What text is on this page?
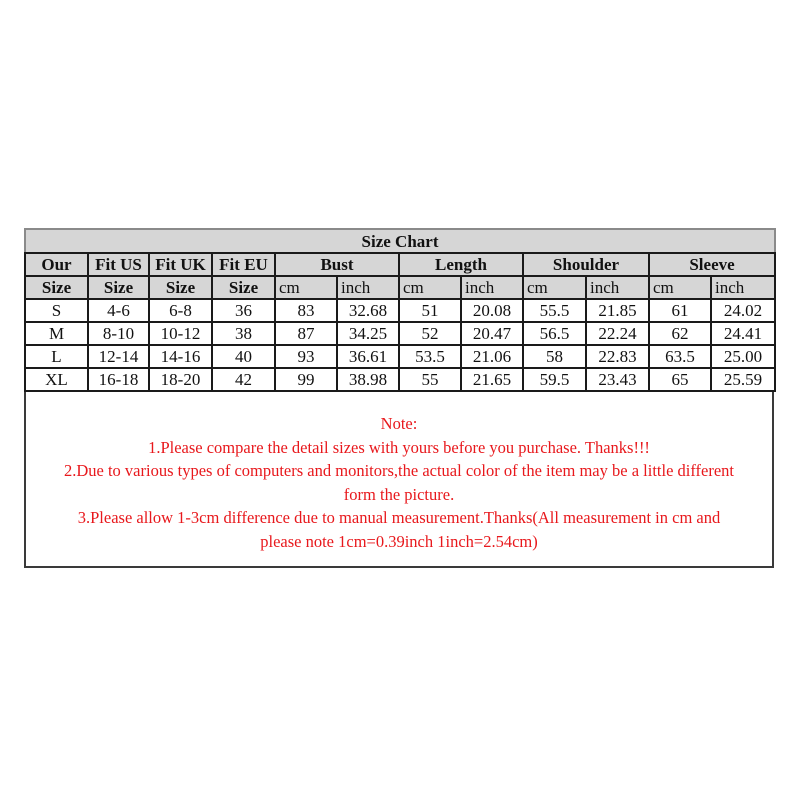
Size Chart											
Our	Fit US	Fit UK	Fit EU	Bust		Length		Shoulder		Sleeve	
Size	Size	Size	Size	cm	inch	cm	inch	cm	inch	cm	inch
S	4-6	6-8	36	83	32.68	51	20.08	55.5	21.85	61	24.02
M	8-10	10-12	38	87	34.25	52	20.47	56.5	22.24	62	24.41
L	12-14	14-16	40	93	36.61	53.5	21.06	58	22.83	63.5	25.00
XL	16-18	18-20	42	99	38.98	55	21.65	59.5	23.43	65	25.59
Note:
1.Please compare the detail sizes with yours before you purchase. Thanks!!!
2.Due to various types of computers and monitors,the actual color of the item may be a little different
form the picture.
3.Please allow 1-3cm difference due to manual measurement.Thanks(All measurement in cm and
please note 1cm=0.39inch 1inch=2.54cm)
